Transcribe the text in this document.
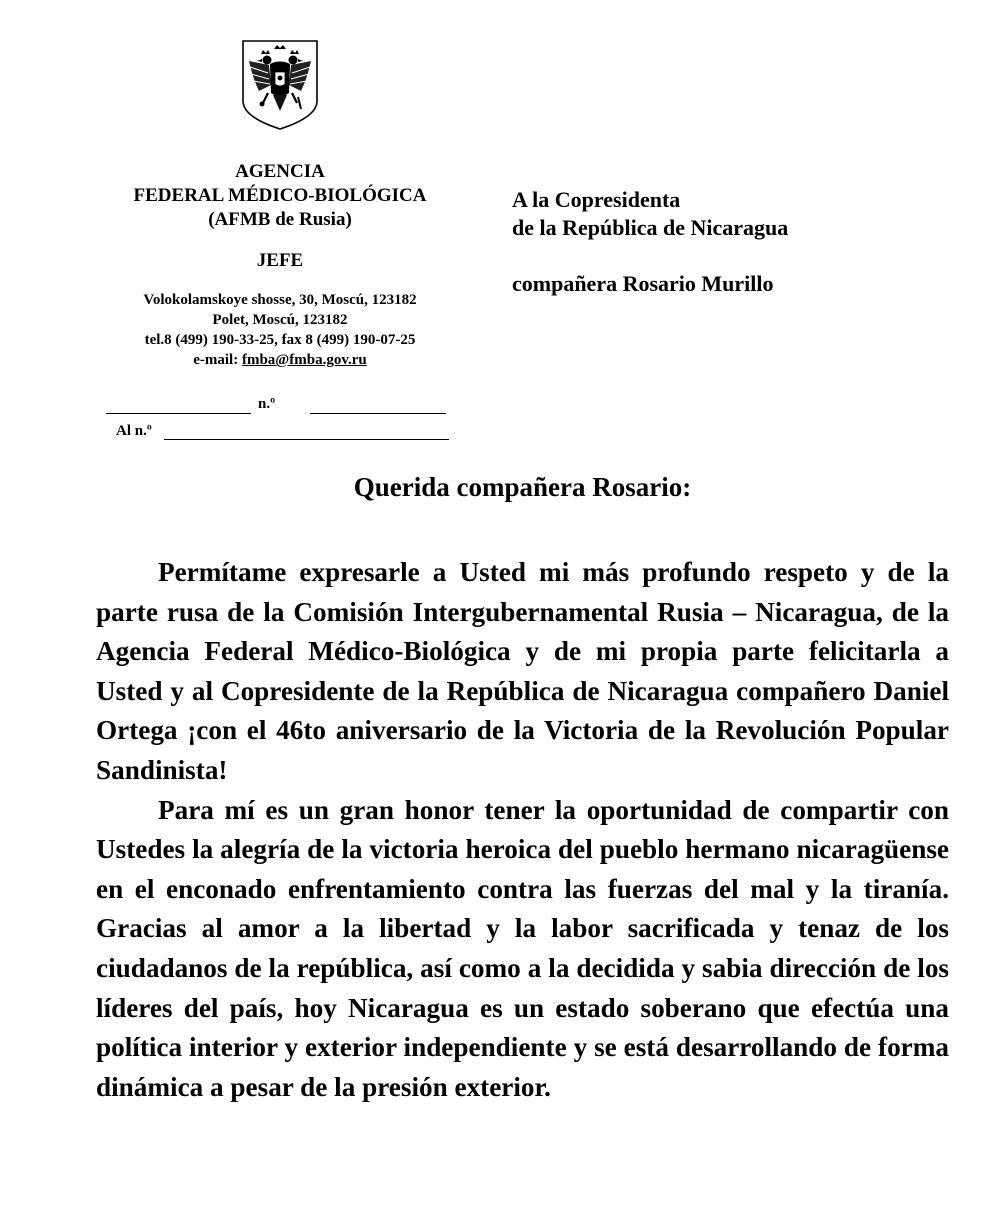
AGENCIA

FEDERAL MÉDICO-BIOLÓGICA

(AFMB de Rusia)

JEFE

Volokolamskoye shosse, 30, Moscú, 123182

Polet, Moscú, 123182

tel.8 (499) 190-33-25, fax 8 (499) 190-07-25

e-mail: fmba@fmba.gov.ru

n.º
Al n.º
A la Copresidenta
de la República de Nicaragua
compañera Rosario Murillo
Querida compañera Rosario:

Permítame expresarle a Usted mi más profundo respeto y de la parte rusa de la Comisión Intergubernamental Rusia – Nicaragua, de la Agencia Federal Médico-Biológica y de mi propia parte felicitarla a Usted y al Copresidente de la República de Nicaragua compañero Daniel Ortega ¡con el 46to aniversario de la Victoria de la Revolución Popular Sandinista!

Para mí es un gran honor tener la oportunidad de compartir con Ustedes la alegría de la victoria heroica del pueblo hermano nicaragüense en el enconado enfrentamiento contra las fuerzas del mal y la tiranía. Gracias al amor a la libertad y la labor sacrificada y tenaz de los ciudadanos de la república, así como a la decidida y sabia dirección de los líderes del país, hoy Nicaragua es un estado soberano que efectúa una política interior y exterior independiente y se está desarrollando de forma dinámica a pesar de la presión exterior.
